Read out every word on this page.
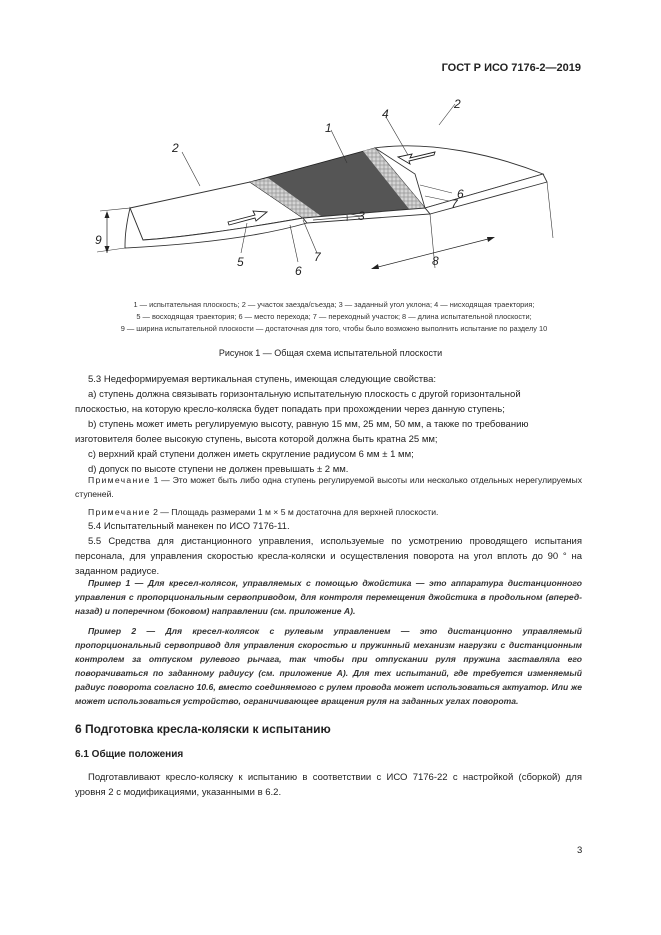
ГОСТ Р ИСО 7176-2—2019
1
2
2
3
4
5
6
6
7
7
8
9
1 — испытательная плоскость; 2 — участок заезда/съезда; 3 — заданный угол уклона; 4 — нисходящая траектория;
5 — восходящая траектория; 6 — место перехода; 7 — переходный участок; 8 — длина испытательной плоскости;
9 — ширина испытательной плоскости — достаточная для того, чтобы было возможно выполнить испытание по разделу 10
Рисунок 1 — Общая схема испытательной плоскости
5.3 Недеформируемая вертикальная ступень, имеющая следующие свойства:
a) ступень должна связывать горизонтальную испытательную плоскость с другой горизонтальной
плоскостью, на которую кресло-коляска будет попадать при прохождении через данную ступень;
b) ступень может иметь регулируемую высоту, равную 15 мм, 25 мм, 50 мм, а также по требованию
изготовителя более высокую ступень, высота которой должна быть кратна 25 мм;
c) верхний край ступени должен иметь скругление радиусом 6 мм ± 1 мм;
d) допуск по высоте ступени не должен превышать ± 2 мм.
Примечание 1 — Это может быть либо одна ступень регулируемой высоты или несколько отдельных нерегулируемых ступеней.
Примечание 2 — Площадь размерами 1 м × 5 м достаточна для верхней плоскости.
5.4 Испытательный манекен по ИСО 7176-11.
5.5 Средства для дистанционного управления, используемые по усмотрению проводящего испытания персонала, для управления скоростью кресла-коляски и осуществления поворота на угол вплоть до 90 ° на заданном радиусе.
Пример 1 — Для кресел-колясок, управляемых с помощью джойстика — это аппаратура дистанционного управления с пропорциональным сервоприводом, для контроля перемещения джойстика в продольном (вперед-назад) и поперечном (боковом) направлении (см. приложение А).
Пример 2 — Для кресел-колясок с рулевым управлением — это дистанционно управляемый пропорциональный сервопривод для управления скоростью и пружинный механизм нагрузки с дистанционным контролем за отпуском рулевого рычага, так чтобы при отпускании руля пружина заставляла его поворачиваться по заданному радиусу (см. приложение А). Для тех испытаний, где требуется изменяемый радиус поворота согласно 10.6, вместо соединяемого с рулем провода может использоваться актуатор. Или же может использоваться устройство, ограничивающее вращения руля на заданных углах поворота.
6 Подготовка кресла-коляски к испытанию
6.1 Общие положения
Подготавливают кресло-коляску к испытанию в соответствии с ИСО 7176-22 с настройкой (сборкой) для уровня 2 с модификациями, указанными в 6.2.
3
